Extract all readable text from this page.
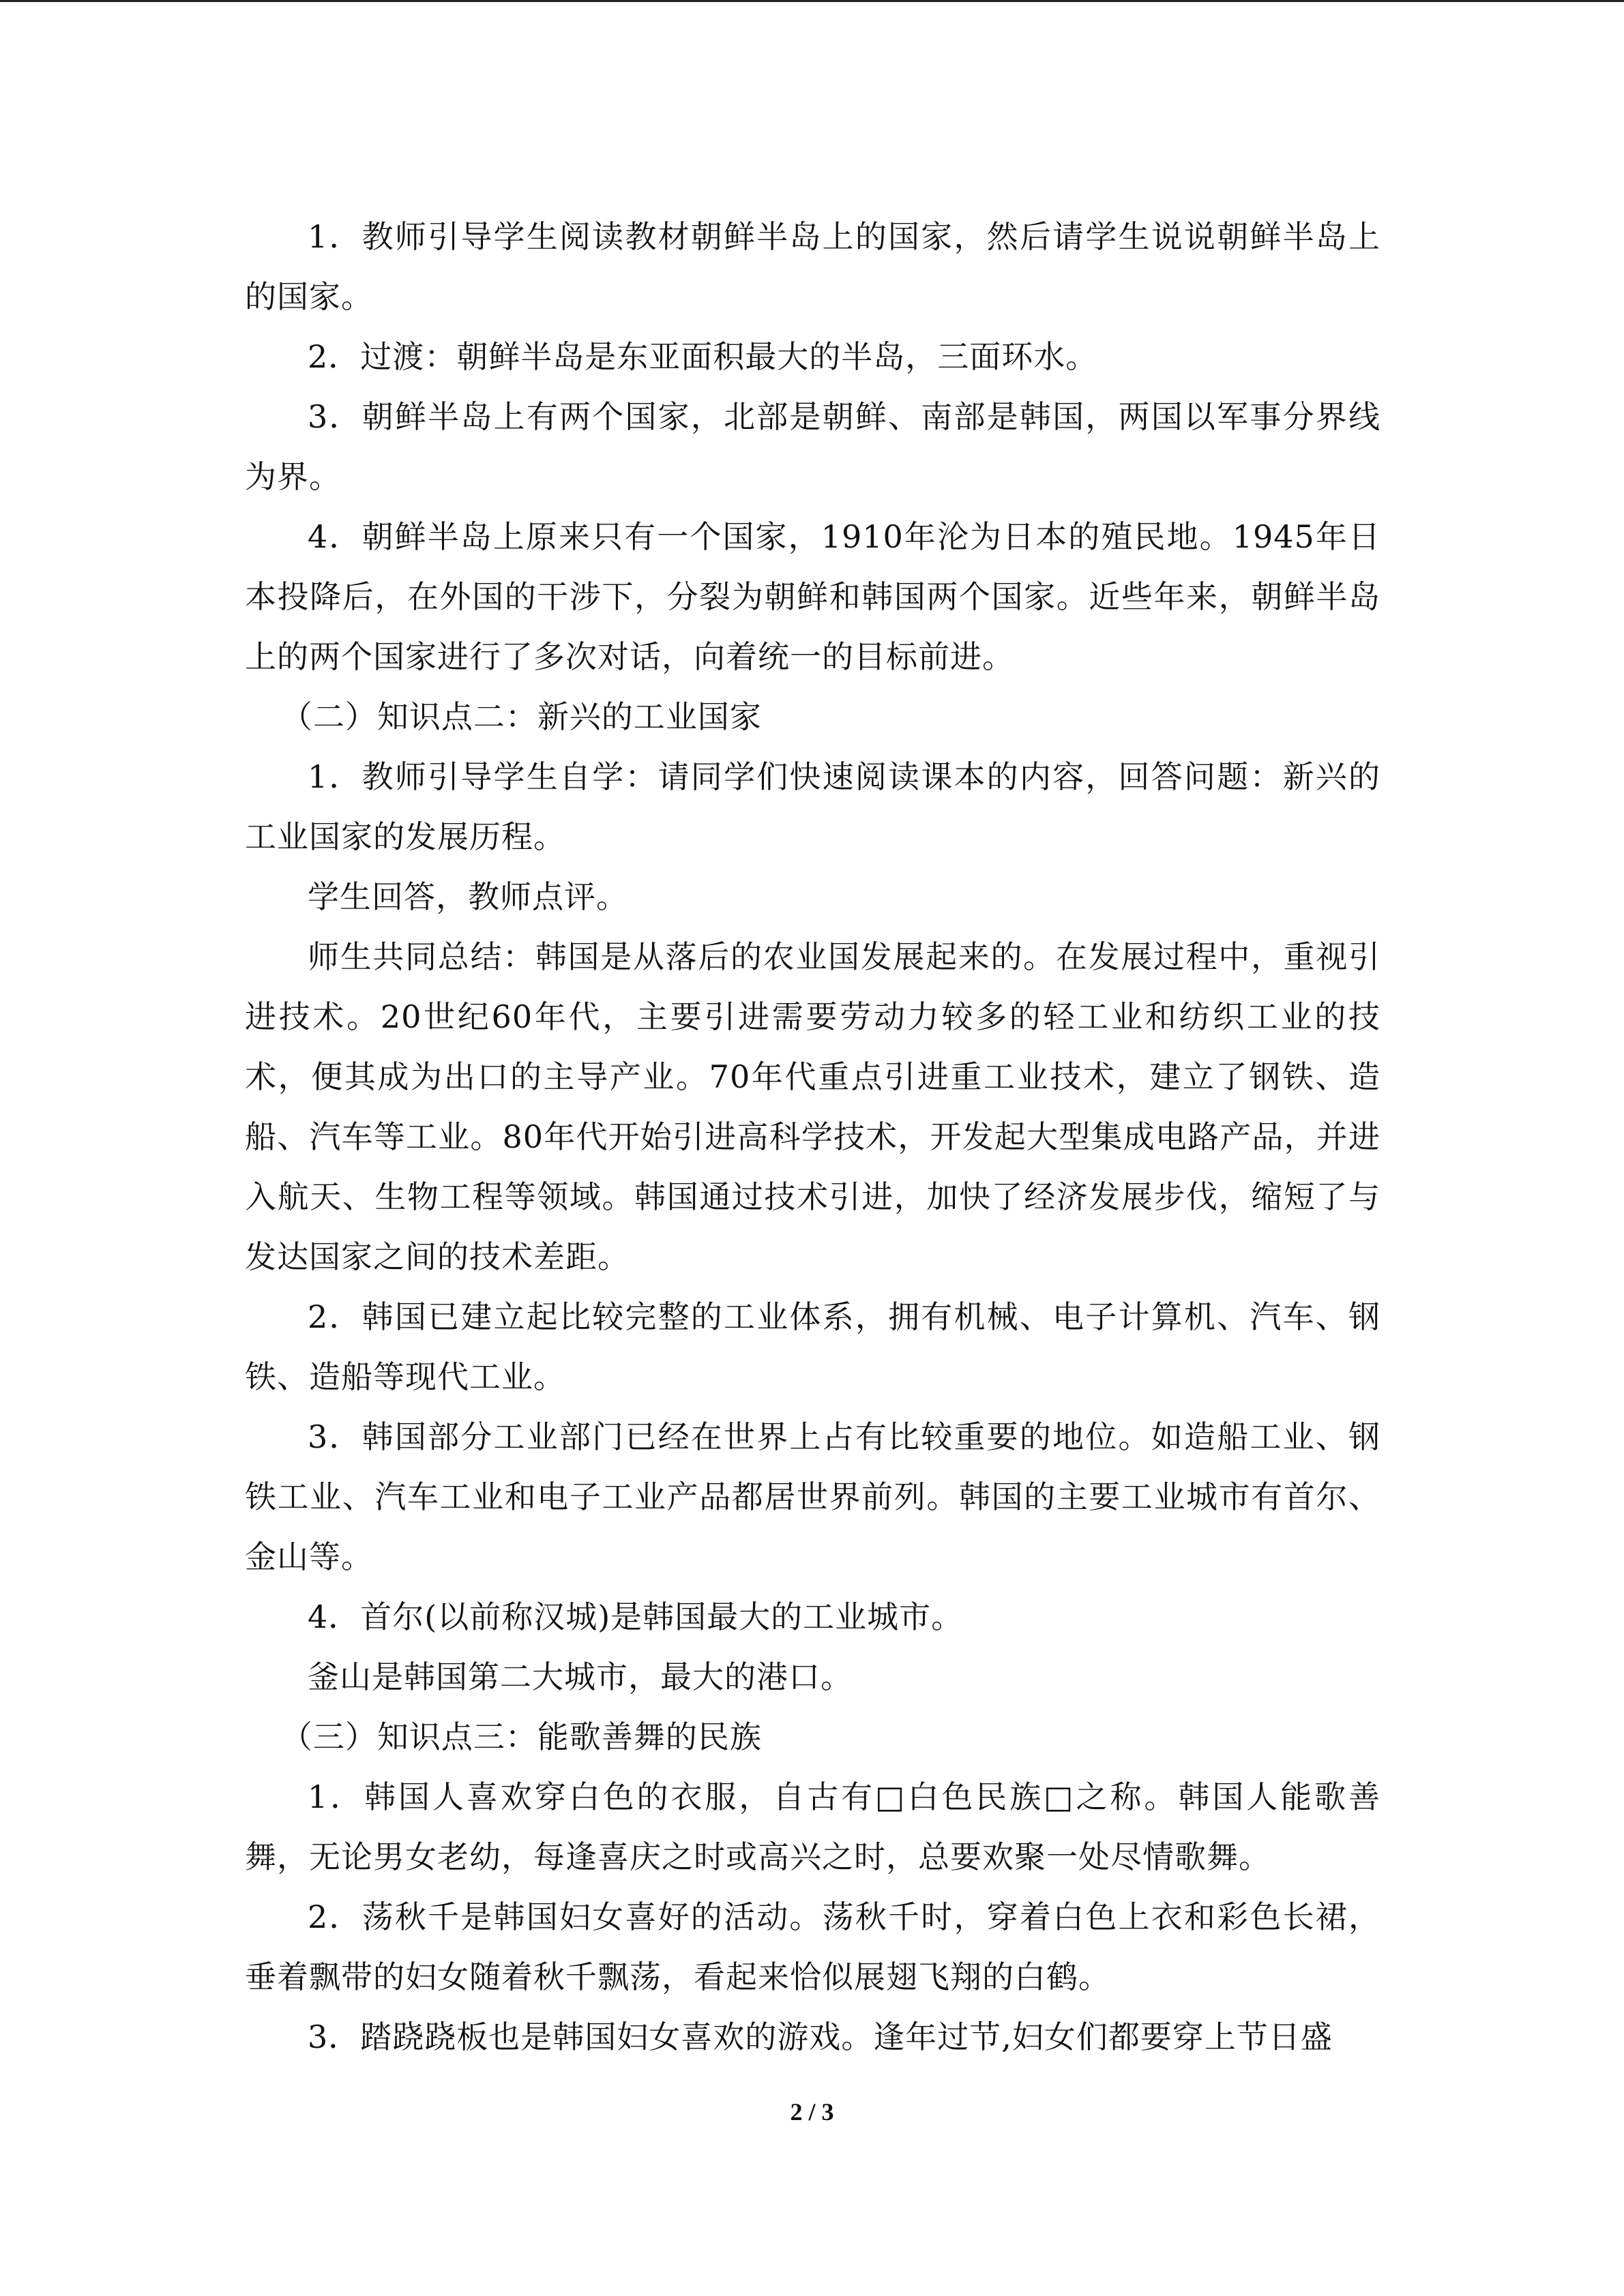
1．教师引导学生阅读教材朝鲜半岛上的国家，然后请学生说说朝鲜半岛上的国家。

2．过渡：朝鲜半岛是东亚面积最大的半岛，三面环水。

3．朝鲜半岛上有两个国家，北部是朝鲜、南部是韩国，两国以军事分界线为界。

4．朝鲜半岛上原来只有一个国家，1910年沦为日本的殖民地。1945年日本投降后，在外国的干涉下，分裂为朝鲜和韩国两个国家。近些年来，朝鲜半岛上的两个国家进行了多次对话，向着统一的目标前进。

（二）知识点二：新兴的工业国家

1．教师引导学生自学：请同学们快速阅读课本的内容，回答问题：新兴的工业国家的发展历程。

学生回答，教师点评。

师生共同总结：韩国是从落后的农业国发展起来的。在发展过程中，重视引进技术。20世纪60年代，主要引进需要劳动力较多的轻工业和纺织工业的技术，便其成为出口的主导产业。70年代重点引进重工业技术，建立了钢铁、造船、汽车等工业。80年代开始引进高科学技术，开发起大型集成电路产品，并进入航天、生物工程等领域。韩国通过技术引进，加快了经济发展步伐，缩短了与发达国家之间的技术差距。

2．韩国已建立起比较完整的工业体系，拥有机械、电子计算机、汽车、钢铁、造船等现代工业。

3．韩国部分工业部门已经在世界上占有比较重要的地位。如造船工业、钢铁工业、汽车工业和电子工业产品都居世界前列。韩国的主要工业城市有首尔、金山等。

4．首尔(以前称汉城)是韩国最大的工业城市。

釜山是韩国第二大城市，最大的港口。

（三）知识点三：能歌善舞的民族

1．韩国人喜欢穿白色的衣服，自古有□白色民族□之称。韩国人能歌善舞，无论男女老幼，每逢喜庆之时或高兴之时，总要欢聚一处尽情歌舞。

2．荡秋千是韩国妇女喜好的活动。荡秋千时，穿着白色上衣和彩色长裙，垂着飘带的妇女随着秋千飘荡，看起来恰似展翅飞翔的白鹤。

3．踏跷跷板也是韩国妇女喜欢的游戏。逢年过节,妇女们都要穿上节日盛

2 / 3
